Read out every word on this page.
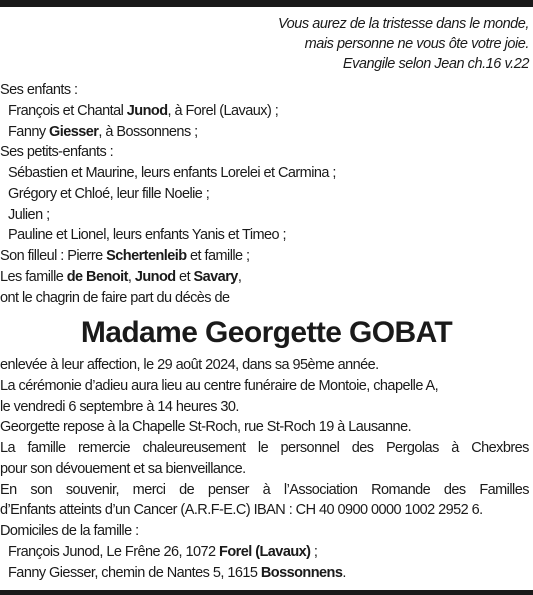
Vous aurez de la tristesse dans le monde,
mais personne ne vous ôte votre joie.
Evangile selon Jean ch.16 v.22
Ses enfants :
François et Chantal Junod, à Forel (Lavaux) ;
Fanny Giesser, à Bossonnens ;
Ses petits-enfants :
Sébastien et Maurine, leurs enfants Lorelei et Carmina ;
Grégory et Chloé, leur fille Noelie ;
Julien ;
Pauline et Lionel, leurs enfants Yanis et Timeo ;
Son filleul : Pierre Schertenleib et famille ;
Les famille de Benoit, Junod et Savary,
ont le chagrin de faire part du décès de
Madame Georgette GOBAT
enlevée à leur affection, le 29 août 2024, dans sa 95ème année.
La cérémonie d’adieu aura lieu au centre funéraire de Montoie, chapelle A,
le vendredi 6 septembre à 14 heures 30.
Georgette repose à la Chapelle St-Roch, rue St-Roch 19 à Lausanne.
La famille remercie chaleureusement le personnel des Pergolas à Chexbres
pour son dévouement et sa bienveillance.
En son souvenir, merci de penser à l’Association Romande des Familles
d’Enfants atteints d’un Cancer (A.R.F-E.C) IBAN : CH 40 0900 0000 1002 2952 6.
Domiciles de la famille :
François Junod, Le Frêne 26, 1072 Forel (Lavaux) ;
Fanny Giesser, chemin de Nantes 5, 1615 Bossonnens.
